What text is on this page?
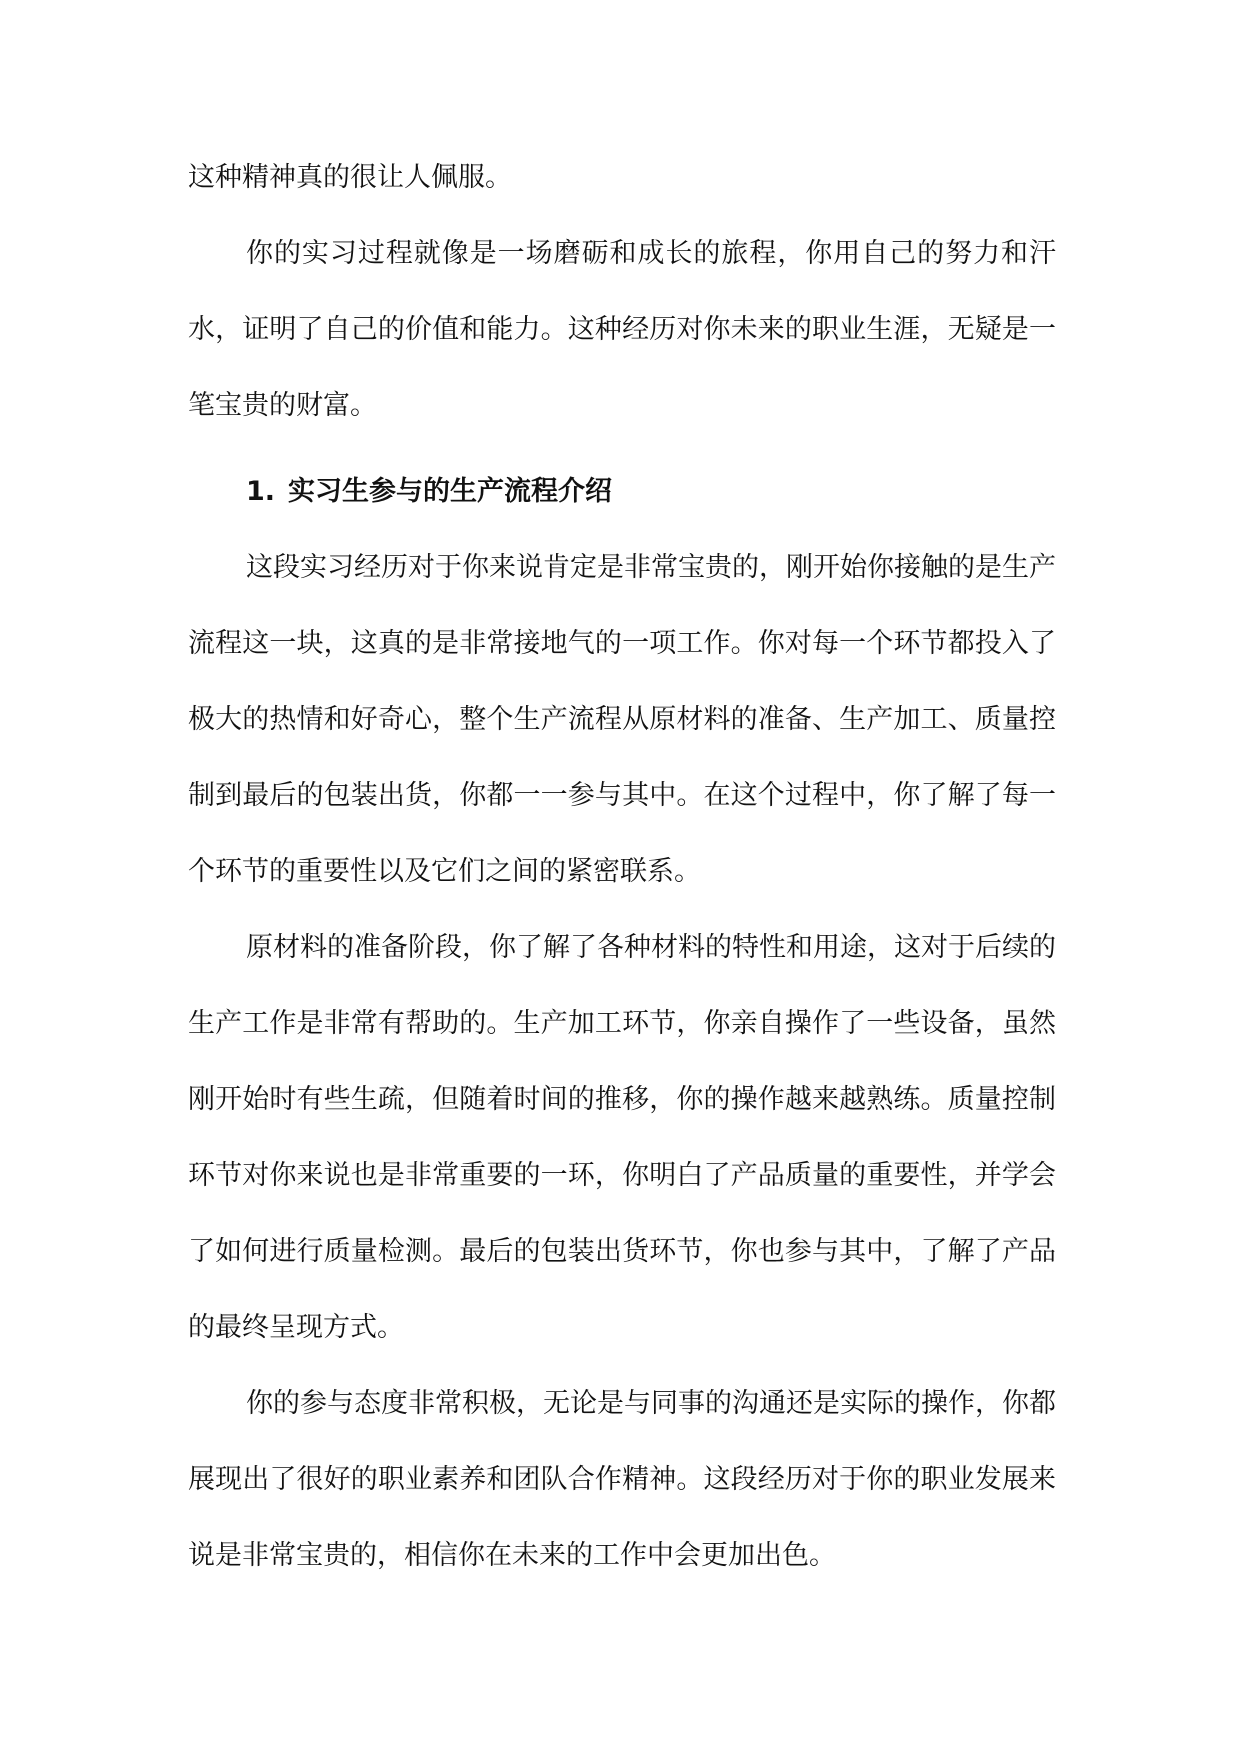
这种精神真的很让人佩服。

你的实习过程就像是一场磨砺和成长的旅程，你用自己的努力和汗水，证明了自己的价值和能力。这种经历对你未来的职业生涯，无疑是一笔宝贵的财富。

1. 实习生参与的生产流程介绍

这段实习经历对于你来说肯定是非常宝贵的，刚开始你接触的是生产流程这一块，这真的是非常接地气的一项工作。你对每一个环节都投入了极大的热情和好奇心，整个生产流程从原材料的准备、生产加工、质量控制到最后的包装出货，你都一一参与其中。在这个过程中，你了解了每一个环节的重要性以及它们之间的紧密联系。

原材料的准备阶段，你了解了各种材料的特性和用途，这对于后续的生产工作是非常有帮助的。生产加工环节，你亲自操作了一些设备，虽然刚开始时有些生疏，但随着时间的推移，你的操作越来越熟练。质量控制环节对你来说也是非常重要的一环，你明白了产品质量的重要性，并学会了如何进行质量检测。最后的包装出货环节，你也参与其中，了解了产品的最终呈现方式。

你的参与态度非常积极，无论是与同事的沟通还是实际的操作，你都展现出了很好的职业素养和团队合作精神。这段经历对于你的职业发展来说是非常宝贵的，相信你在未来的工作中会更加出色。
